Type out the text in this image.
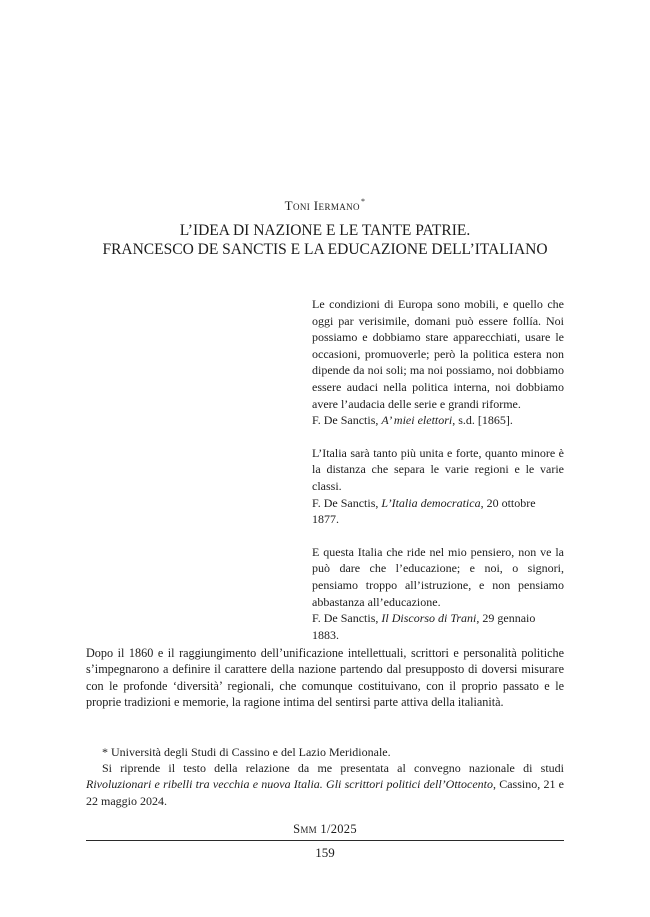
Toni Iermano*
L’IDEA DI NAZIONE E LE TANTE PATRIE.
FRANCESCO DE SANCTIS E LA EDUCAZIONE DELL’ITALIANO

Le condizioni di Europa sono mobili, e quello che oggi par verisimile, domani può essere follía. Noi possiamo e dobbiamo stare apparecchiati, usare le occasioni, promuoverle; però la politica estera non dipende da noi soli; ma noi possiamo, noi dobbiamo essere audaci nella politica interna, noi dobbiamo avere l’audacia delle serie e grandi riforme.

F. De Sanctis, A’ miei elettori, s.d. [1865].

L’Italia sarà tanto più unita e forte, quanto minore è la distanza che separa le varie regioni e le varie classi.

F. De Sanctis, L’Italia democratica, 20 ottobre 1877.

E questa Italia che ride nel mio pensiero, non ve la può dare che l’educazione; e noi, o signori, pensiamo troppo all’istruzione, e non pensiamo abbastanza all’educazione.

F. De Sanctis, Il Discorso di Trani, 29 gennaio 1883.

Dopo il 1860 e il raggiungimento dell’unificazione intellettuali, scrittori e personalità politiche s’impegnarono a definire il carattere della nazione partendo dal presupposto di doversi misurare con le profonde ‘diversità’ regionali, che comunque costituivano, con il proprio passato e le proprie tradizioni e memorie, la ragione intima del sentirsi parte attiva della italianità.

* Università degli Studi di Cassino e del Lazio Meridionale.

Si riprende il testo della relazione da me presentata al convegno nazionale di studi Rivoluzionari e ribelli tra vecchia e nuova Italia. Gli scrittori politici dell’Ottocento, Cassino, 21 e 22 maggio 2024.

Smm 1/2025
159
